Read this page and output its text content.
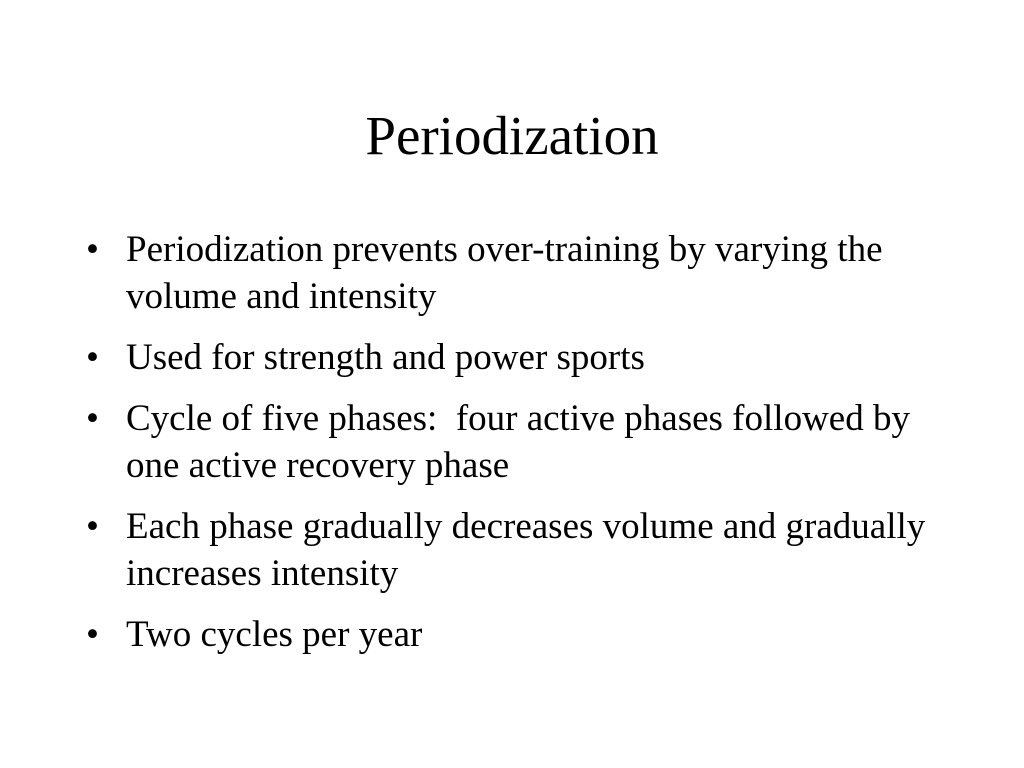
Periodization
• Periodization prevents over-training by varying the volume and intensity
• Used for strength and power sports
• Cycle of five phases:  four active phases followed by one active recovery phase
• Each phase gradually decreases volume and gradually increases intensity
• Two cycles per year
